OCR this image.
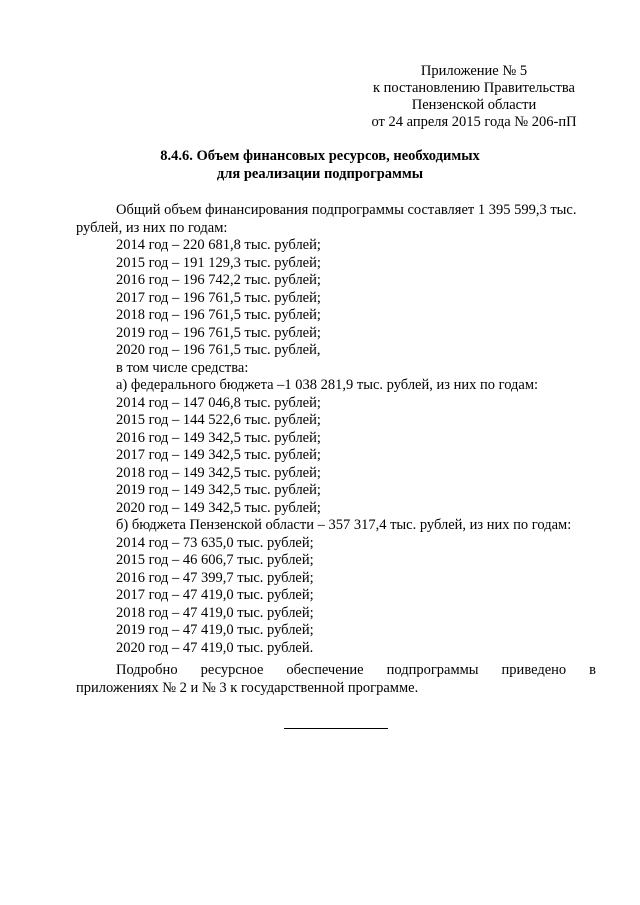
Приложение № 5
к постановлению Правительства
Пензенской области
от 24 апреля 2015 года № 206-пП
8.4.6. Объем финансовых ресурсов, необходимых
для реализации подпрограммы
Общий объем финансирования подпрограммы составляет 1 395 599,3 тыс.
рублей, из них по годам:
2014 год – 220 681,8 тыс. рублей;
2015 год – 191 129,3 тыс. рублей;
2016 год – 196 742,2 тыс. рублей;
2017 год – 196 761,5 тыс. рублей;
2018 год – 196 761,5 тыс. рублей;
2019 год – 196 761,5 тыс. рублей;
2020 год – 196 761,5 тыс. рублей,
в том числе средства:
а) федерального бюджета –1 038 281,9 тыс. рублей, из них по годам:
2014 год – 147 046,8 тыс. рублей;
2015 год – 144 522,6 тыс. рублей;
2016 год – 149 342,5 тыс. рублей;
2017 год – 149 342,5 тыс. рублей;
2018 год – 149 342,5 тыс. рублей;
2019 год – 149 342,5 тыс. рублей;
2020 год – 149 342,5 тыс. рублей;
б) бюджета Пензенской области – 357 317,4 тыс. рублей, из них по годам:
2014 год – 73 635,0 тыс. рублей;
2015 год – 46 606,7 тыс. рублей;
2016 год – 47 399,7 тыс. рублей;
2017 год – 47 419,0 тыс. рублей;
2018 год – 47 419,0 тыс. рублей;
2019 год – 47 419,0 тыс. рублей;
2020 год – 47 419,0 тыс. рублей.
Подробно ресурсное обеспечение подпрограммы приведено в
приложениях № 2 и № 3 к государственной программе.
